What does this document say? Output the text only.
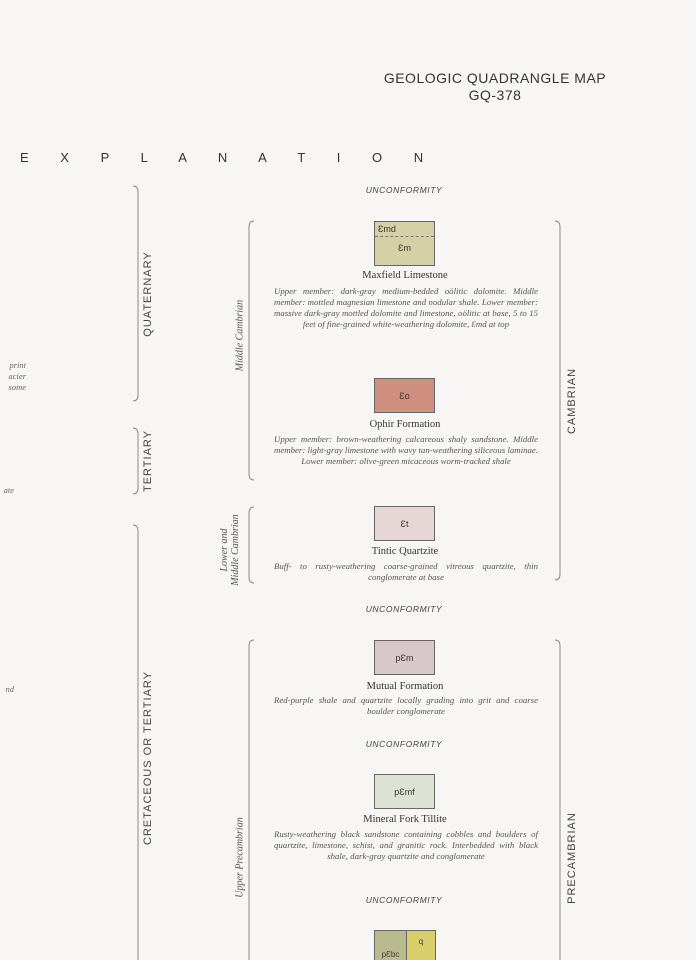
GEOLOGIC QUADRANGLE MAP
GQ-378
E X P L A N A T I O N
print
acier
some
ate
nd
QUATERNARY
TERTIARY
CRETACEOUS OR TERTIARY
CAMBRIAN
PRECAMBRIAN
Middle Cambrian
Lower and Middle Cambrian
Upper Precambrian
UNCONFORMITY
UNCONFORMITY
UNCONFORMITY
UNCONFORMITY
Ɛmd
Ɛm
Maxfield Limestone
Upper member: dark-gray medium-bedded oölitic dolomite. Middle member: mottled magnesian limestone and nodular shale. Lower member: massive dark-gray mottled dolomite and limestone, oölitic at base, 5 to 15 feet of fine-grained white-weathering dolomite, Ɛmd at top
Ɛo
Ophir Formation
Upper member: brown-weathering calcareous shaly sandstone. Middle member: light-gray limestone with wavy tan-weathering siliceous laminae. Lower member: olive-green micaceous worm-tracked shale
Ɛt
Tintic Quartzite
Buff- to rusty-weathering coarse-grained vitreous quartzite, thin conglomerate at base
pƐm
Mutual Formation
Red-purple shale and quartzite locally grading into grit and coarse boulder conglomerate
pƐmf
Mineral Fork Tillite
Rusty-weathering black sandstone containing cobbles and boulders of quartzite, limestone, schist, and granitic rock. Interbedded with black shale, dark-gray quartzite and conglomerate
pƐbc
q
